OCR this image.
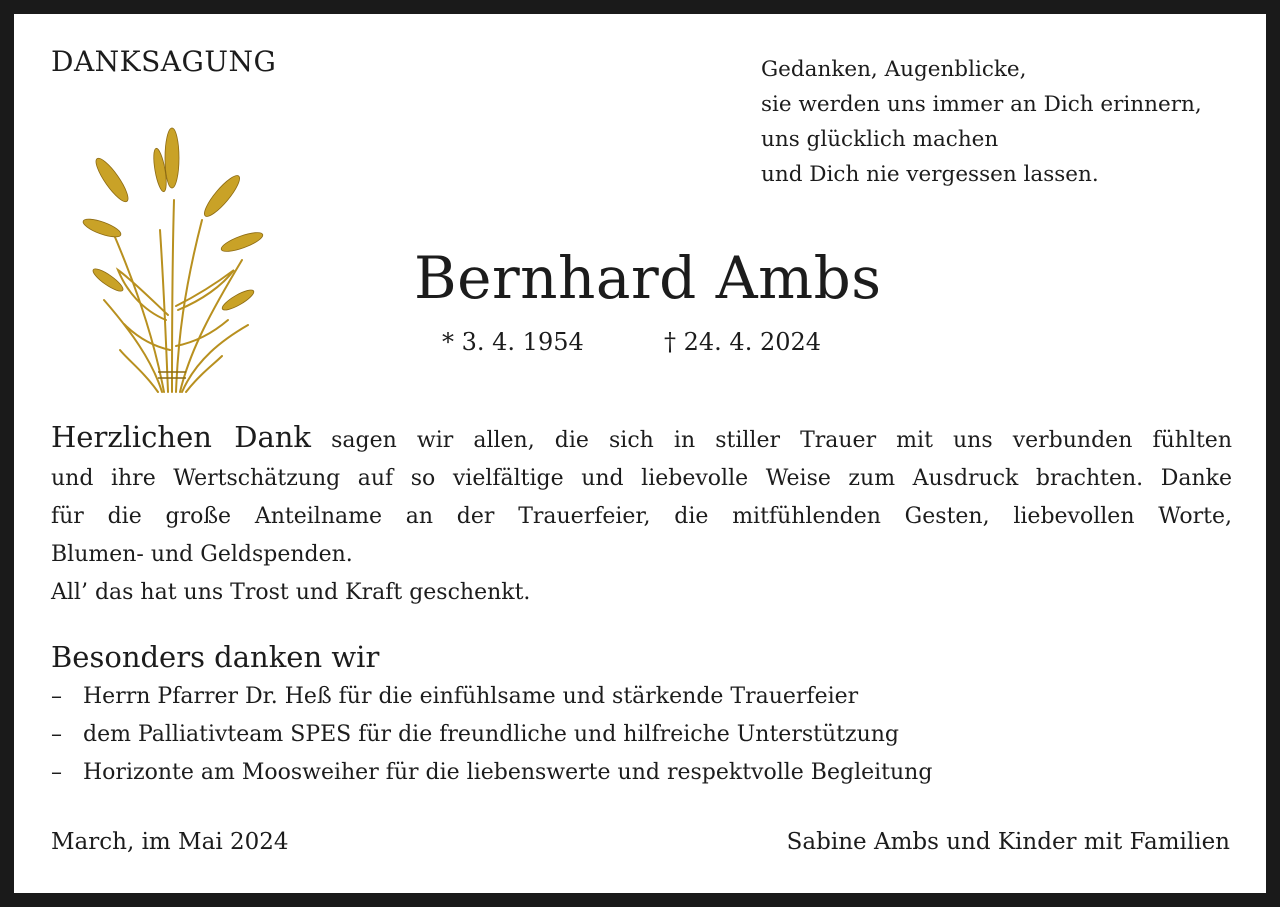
DANKSAGUNG	Gedanken, Augenblicke,
sie werden uns immer an Dich erinnern,
uns glücklich machen
und Dich nie vergessen lassen.
Bernhard Ambs
* 3. 4. 1954	† 24. 4. 2024
Herzlichen Dank sagen wir allen, die sich in stiller Trauer mit uns verbunden fühlten
und ihre Wertschätzung auf so vielfältige und liebevolle Weise zum Ausdruck brachten. Danke
für die große Anteilname an der Trauerfeier, die mitfühlenden Gesten, liebevollen Worte,
Blumen- und Geldspenden.
All’ das hat uns Trost und Kraft geschenkt.
Besonders danken wir
– Herrn Pfarrer Dr. Heß für die einfühlsame und stärkende Trauerfeier
– dem Palliativteam SPES für die freundliche und hilfreiche Unterstützung
– Horizonte am Moosweiher für die liebenswerte und respektvolle Begleitung
March, im Mai 2024	Sabine Ambs und Kinder mit Familien
